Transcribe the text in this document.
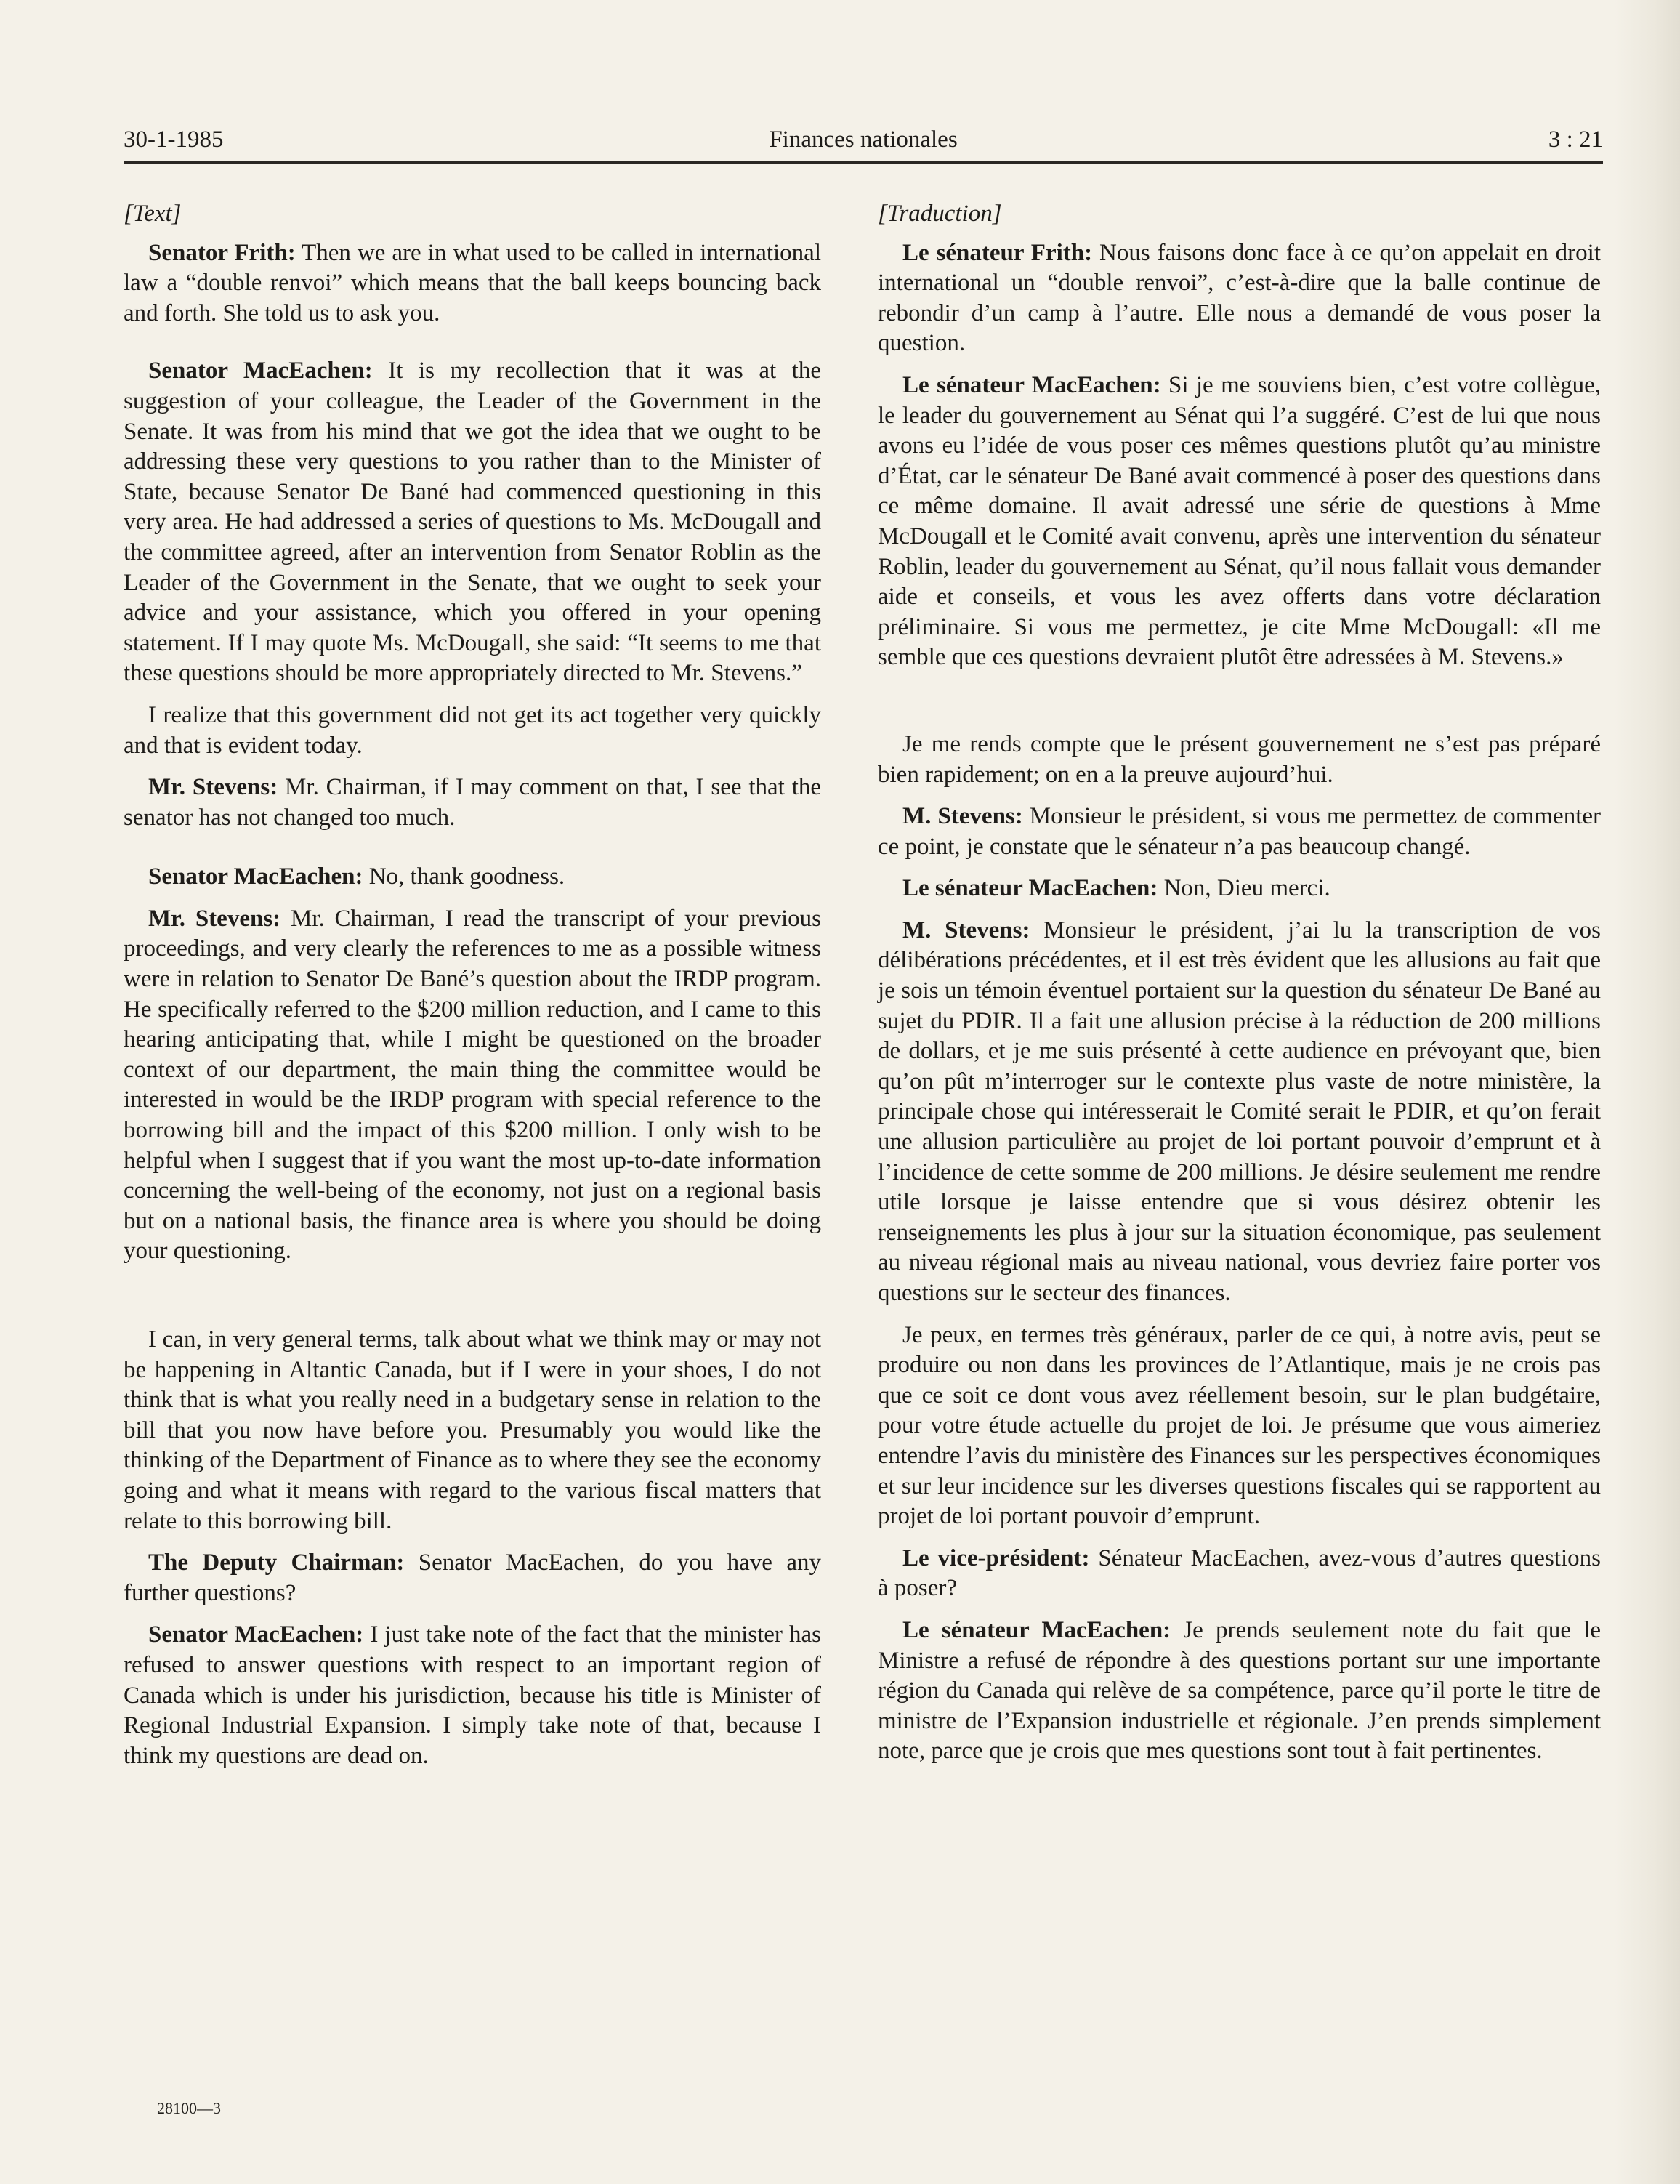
Finances nationales
30-1-1985	3 : 21
[Text]

Senator Frith: Then we are in what used to be called in international law a “double renvoi” which means that the ball keeps bouncing back and forth. She told us to ask you.

Senator MacEachen: It is my recollection that it was at the suggestion of your colleague, the Leader of the Government in the Senate. It was from his mind that we got the idea that we ought to be addressing these very questions to you rather than to the Minister of State, because Senator De Bané had commenced questioning in this very area. He had addressed a series of questions to Ms. McDougall and the committee agreed, after an intervention from Senator Roblin as the Leader of the Government in the Senate, that we ought to seek your advice and your assistance, which you offered in your opening statement. If I may quote Ms. McDougall, she said: “It seems to me that these questions should be more appropriately directed to Mr. Stevens.”

I realize that this government did not get its act together very quickly and that is evident today.

Mr. Stevens: Mr. Chairman, if I may comment on that, I see that the senator has not changed too much.

Senator MacEachen: No, thank goodness.

Mr. Stevens: Mr. Chairman, I read the transcript of your previous proceedings, and very clearly the references to me as a possible witness were in relation to Senator De Bané’s question about the IRDP program. He specifically referred to the $200 million reduction, and I came to this hearing anticipating that, while I might be questioned on the broader context of our department, the main thing the committee would be interested in would be the IRDP program with special reference to the borrowing bill and the impact of this $200 million. I only wish to be helpful when I suggest that if you want the most up-to-date information concerning the well-being of the economy, not just on a regional basis but on a national basis, the finance area is where you should be doing your questioning.

I can, in very general terms, talk about what we think may or may not be happening in Altantic Canada, but if I were in your shoes, I do not think that is what you really need in a budgetary sense in relation to the bill that you now have before you. Presumably you would like the thinking of the Department of Finance as to where they see the economy going and what it means with regard to the various fiscal matters that relate to this borrowing bill.

The Deputy Chairman: Senator MacEachen, do you have any further questions?

Senator MacEachen: I just take note of the fact that the minister has refused to answer questions with respect to an important region of Canada which is under his jurisdiction, because his title is Minister of Regional Industrial Expansion. I simply take note of that, because I think my questions are dead on.

[Traduction]

Le sénateur Frith: Nous faisons donc face à ce qu’on appelait en droit international un “double renvoi”, c’est-à-dire que la balle continue de rebondir d’un camp à l’autre. Elle nous a demandé de vous poser la question.

Le sénateur MacEachen: Si je me souviens bien, c’est votre collègue, le leader du gouvernement au Sénat qui l’a suggéré. C’est de lui que nous avons eu l’idée de vous poser ces mêmes questions plutôt qu’au ministre d’État, car le sénateur De Bané avait commencé à poser des questions dans ce même domaine. Il avait adressé une série de questions à Mme McDougall et le Comité avait convenu, après une intervention du sénateur Roblin, leader du gouvernement au Sénat, qu’il nous fallait vous demander aide et conseils, et vous les avez offerts dans votre déclaration préliminaire. Si vous me permettez, je cite Mme McDougall: «Il me semble que ces questions devraient plutôt être adressées à M. Stevens.»

Je me rends compte que le présent gouvernement ne s’est pas préparé bien rapidement; on en a la preuve aujourd’hui.

M. Stevens: Monsieur le président, si vous me permettez de commenter ce point, je constate que le sénateur n’a pas beaucoup changé.

Le sénateur MacEachen: Non, Dieu merci.

M. Stevens: Monsieur le président, j’ai lu la transcription de vos délibérations précédentes, et il est très évident que les allusions au fait que je sois un témoin éventuel portaient sur la question du sénateur De Bané au sujet du PDIR. Il a fait une allusion précise à la réduction de 200 millions de dollars, et je me suis présenté à cette audience en prévoyant que, bien qu’on pût m’interroger sur le contexte plus vaste de notre ministère, la principale chose qui intéresserait le Comité serait le PDIR, et qu’on ferait une allusion particulière au projet de loi portant pouvoir d’emprunt et à l’incidence de cette somme de 200 millions. Je désire seulement me rendre utile lorsque je laisse entendre que si vous désirez obtenir les renseignements les plus à jour sur la situation économique, pas seulement au niveau régional mais au niveau national, vous devriez faire porter vos questions sur le secteur des finances.

Je peux, en termes très généraux, parler de ce qui, à notre avis, peut se produire ou non dans les provinces de l’Atlantique, mais je ne crois pas que ce soit ce dont vous avez réellement besoin, sur le plan budgétaire, pour votre étude actuelle du projet de loi. Je présume que vous aimeriez entendre l’avis du ministère des Finances sur les perspectives économiques et sur leur incidence sur les diverses questions fiscales qui se rapportent au projet de loi portant pouvoir d’emprunt.

Le vice-président: Sénateur MacEachen, avez-vous d’autres questions à poser?

Le sénateur MacEachen: Je prends seulement note du fait que le Ministre a refusé de répondre à des questions portant sur une importante région du Canada qui relève de sa compétence, parce qu’il porte le titre de ministre de l’Expansion industrielle et régionale. J’en prends simplement note, parce que je crois que mes questions sont tout à fait pertinentes.

28100—3
